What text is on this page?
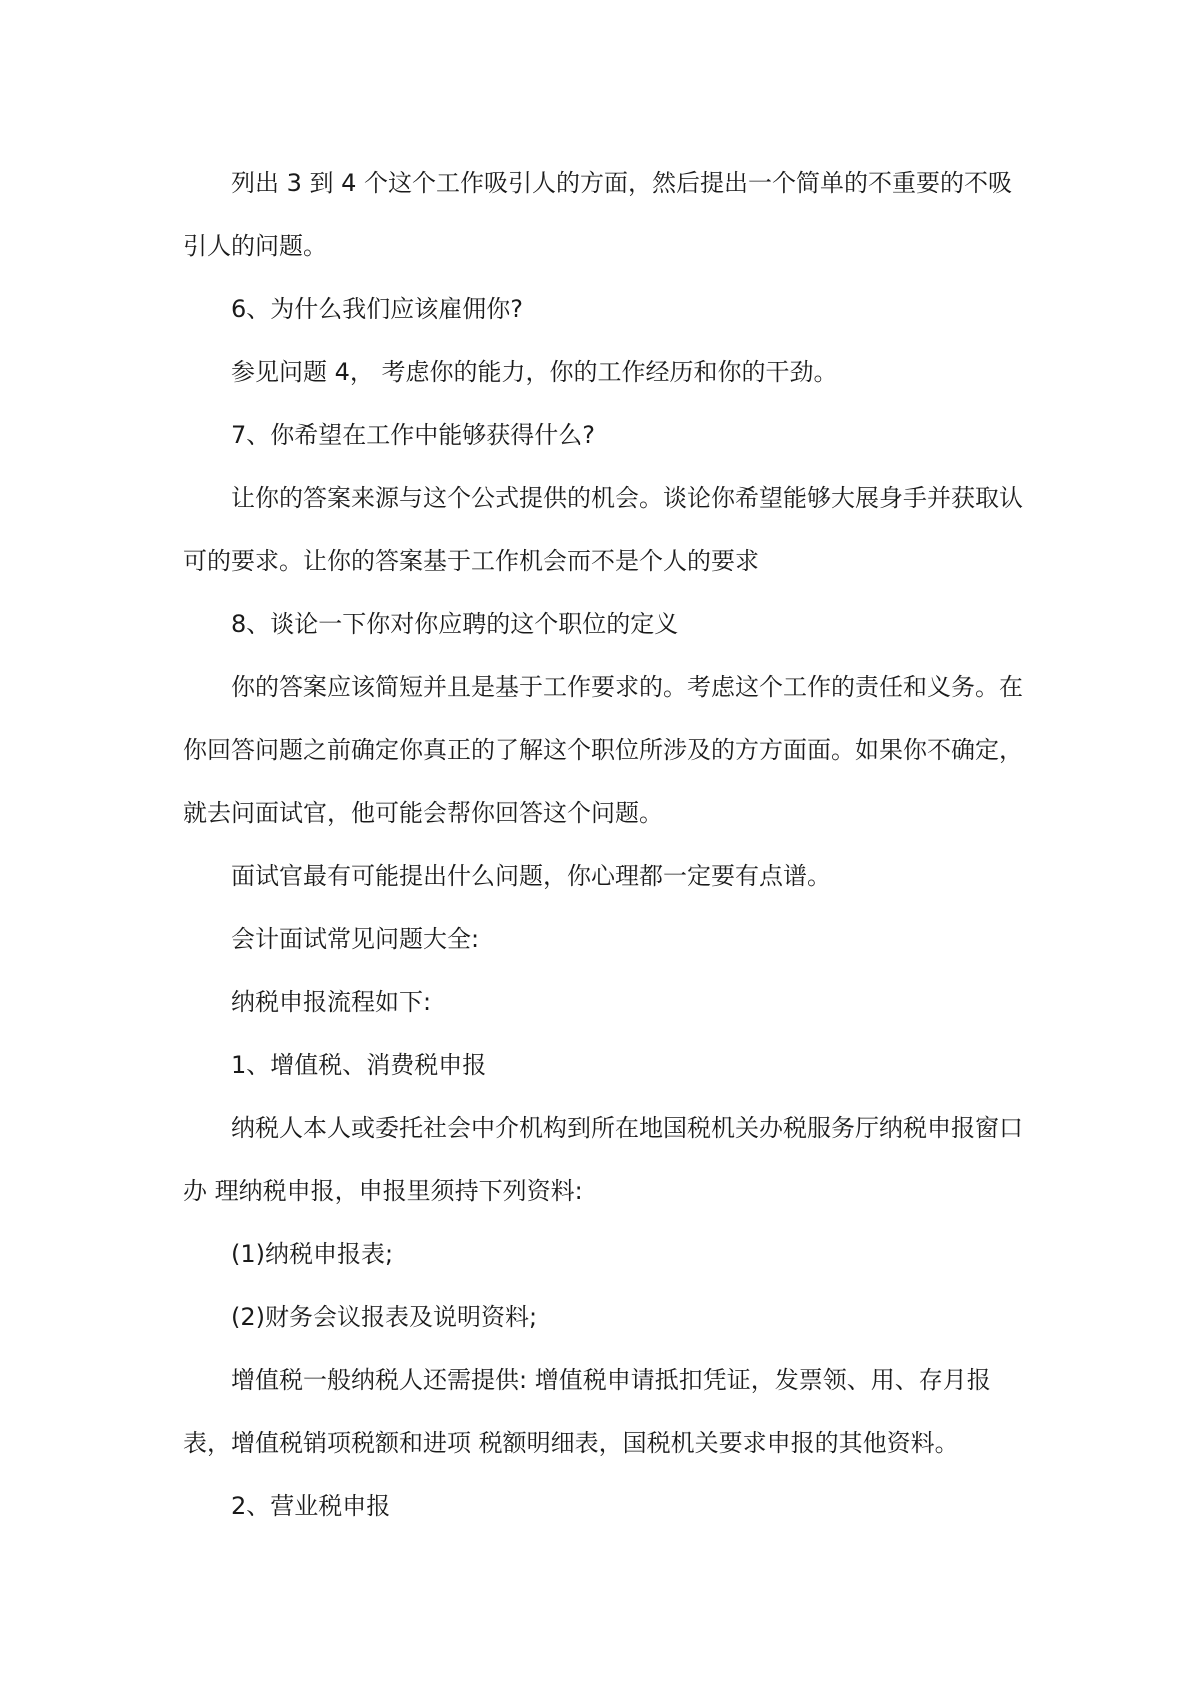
列出 3 到 4 个这个工作吸引人的方面，然后提出一个简单的不重要的不吸引人的问题。

6、为什么我们应该雇佣你?

参见问题 4， 考虑你的能力，你的工作经历和你的干劲。

7、你希望在工作中能够获得什么?

让你的答案来源与这个公式提供的机会。谈论你希望能够大展身手并获取认可的要求。让你的答案基于工作机会而不是个人的要求

8、谈论一下你对你应聘的这个职位的定义

你的答案应该简短并且是基于工作要求的。考虑这个工作的责任和义务。在你回答问题之前确定你真正的了解这个职位所涉及的方方面面。如果你不确定，就去问面试官，他可能会帮你回答这个问题。

面试官最有可能提出什么问题，你心理都一定要有点谱。

会计面试常见问题大全:

纳税申报流程如下:

1、增值税、消费税申报

纳税人本人或委托社会中介机构到所在地国税机关办税服务厅纳税申报窗口办 理纳税申报，申报里须持下列资料:

(1)纳税申报表;

(2)财务会议报表及说明资料;

增值税一般纳税人还需提供: 增值税申请抵扣凭证，发票领、用、存月报表，增值税销项税额和进项 税额明细表，国税机关要求申报的其他资料。

2、营业税申报
